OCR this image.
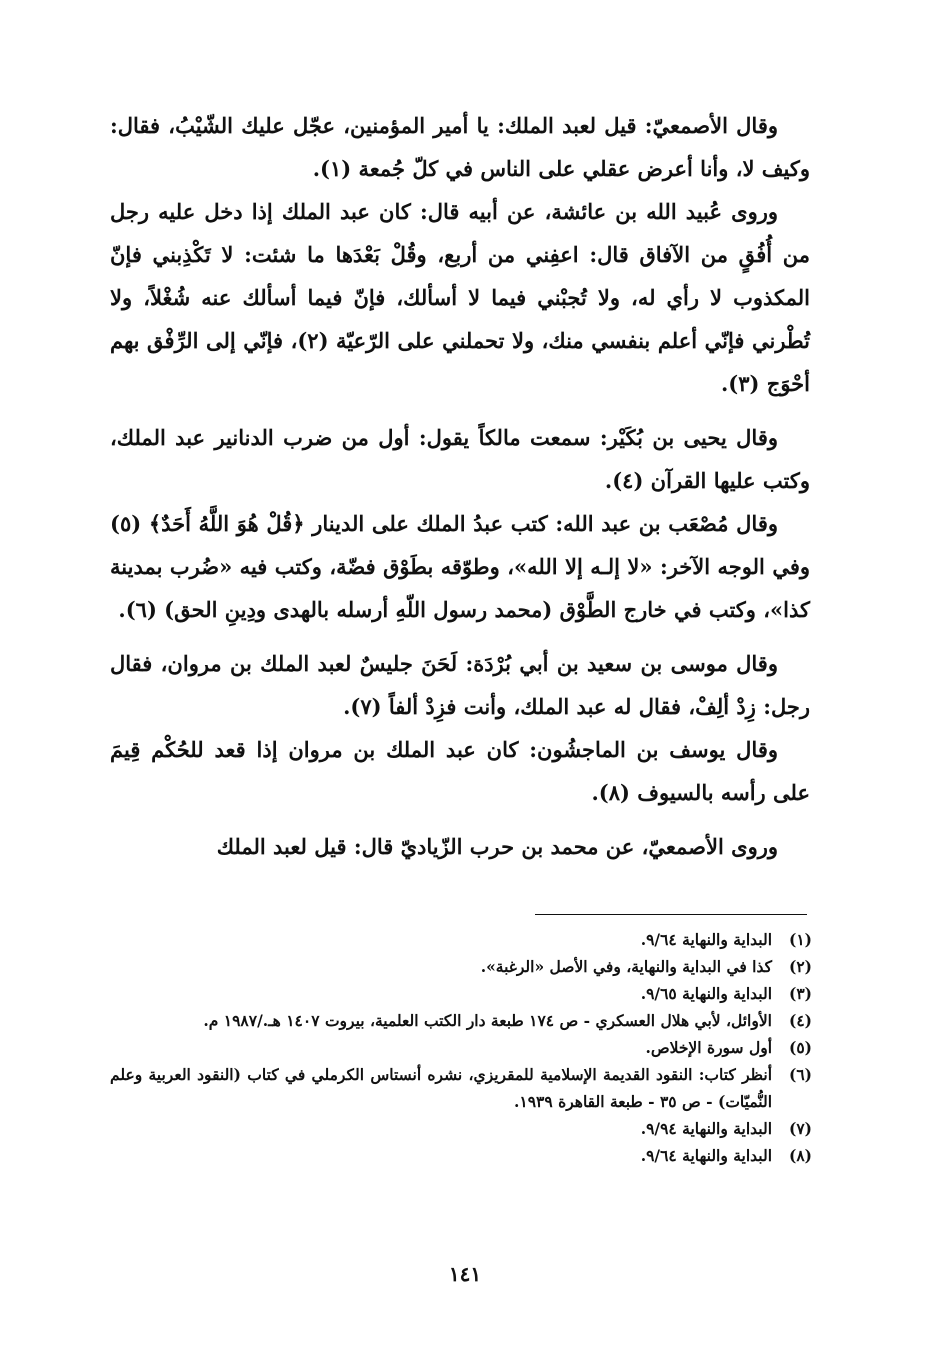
وقال الأصمعيّ: قيل لعبد الملك: يا أمير المؤمنين، عجّل عليك الشّيْبُ، فقال: وكيف لا، وأنا أعرض عقلي على الناس في كلّ جُمعة (١).

وروى عُبيد الله بن عائشة، عن أبيه قال: كان عبد الملك إذا دخل عليه رجل من أُفُقٍ من الآفاق قال: اعفِني من أربع، وقُلْ بَعْدَها ما شئت: لا تَكْذِبني فإنّ المكذوب لا رأي له، ولا تُجبْني فيما لا أسألك، فإنّ فيما أسألك عنه شُغْلاً، ولا تُطْرني فإنّي أعلم بنفسي منك، ولا تحملني على الرّعيّة (٢)، فإنّي إلى الرِّفْق بهم أحْوَج (٣).

وقال يحيى بن بُكَيْر: سمعت مالكاً يقول: أول من ضرب الدنانير عبد الملك، وكتب عليها القرآن (٤).

وقال مُصْعَب بن عبد الله: كتب عبدُ الملك على الدينار ﴿قُلْ هُوَ اللَّهُ أَحَدٌ﴾ (٥) وفي الوجه الآخر: «لا إلـه إلا الله»، وطوّقه بطَوْق فضّة، وكتب فيه «ضُرب بمدينة كذا»، وكتب في خارج الطَّوْق (محمد رسول اللّهِ أرسله بالهدى ودِينِ الحق) (٦).

وقال موسى بن سعيد بن أبي بُرْدَة: لَحَنَ جليسٌ لعبد الملك بن مروان، فقال رجل: زِدْ ألِفْ، فقال له عبد الملك، وأنت فزِدْ ألفاً (٧).

وقال يوسف بن الماجشُون: كان عبد الملك بن مروان إذا قعد للحُكْم قِيمَ على رأسه بالسيوف (٨).

وروى الأصمعيّ، عن محمد بن حرب الزّياديّ قال: قيل لعبد الملك

(١)
البداية والنهاية ٩/٦٤.
(٢)
كذا في البداية والنهاية، وفي الأصل «الرغبة».
(٣)
البداية والنهاية ٩/٦٥.
(٤)
الأوائل، لأبي هلال العسكري - ص ١٧٤ طبعة دار الكتب العلمية، بيروت ١٤٠٧ هـ./١٩٨٧ م.
(٥)
أول سورة الإخلاص.
(٦)
أنظر كتاب: النقود القديمة الإسلامية للمقريزي، نشره أنستاس الكرملي في كتاب (النقود العربية وعلم النُّميّات) - ص ٣٥ - طبعة القاهرة ١٩٣٩.
(٧)
البداية والنهاية ٩/٩٤.
(٨)
البداية والنهاية ٩/٦٤.
١٤١
